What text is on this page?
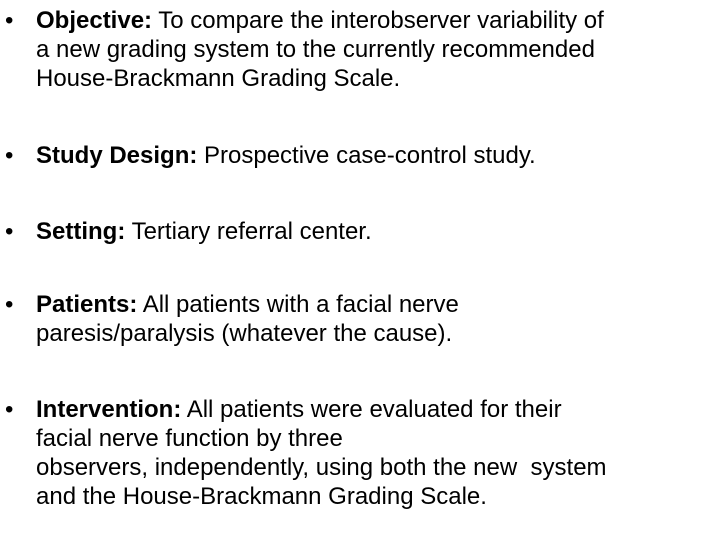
• Objective: To compare the interobserver variability of
a new grading system to the currently recommended
House-Brackmann Grading Scale.
• Study Design: Prospective case-control study.
• Setting: Tertiary referral center.
• Patients: All patients with a facial nerve
paresis/paralysis (whatever the cause).
• Intervention: All patients were evaluated for their
facial nerve function by three
observers, independently, using both the new  system
and the House-Brackmann Grading Scale.
